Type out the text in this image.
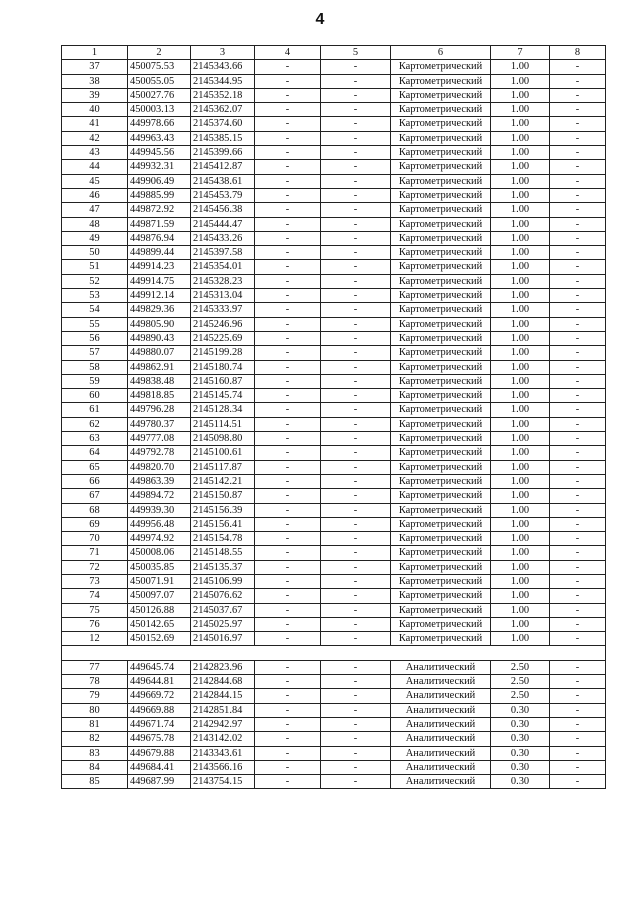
4
1	2	3	4	5	6	7	8
37	450075.53	2145343.66	-	-	Картометрический	1.00	-
38	450055.05	2145344.95	-	-	Картометрический	1.00	-
39	450027.76	2145352.18	-	-	Картометрический	1.00	-
40	450003.13	2145362.07	-	-	Картометрический	1.00	-
41	449978.66	2145374.60	-	-	Картометрический	1.00	-
42	449963.43	2145385.15	-	-	Картометрический	1.00	-
43	449945.56	2145399.66	-	-	Картометрический	1.00	-
44	449932.31	2145412.87	-	-	Картометрический	1.00	-
45	449906.49	2145438.61	-	-	Картометрический	1.00	-
46	449885.99	2145453.79	-	-	Картометрический	1.00	-
47	449872.92	2145456.38	-	-	Картометрический	1.00	-
48	449871.59	2145444.47	-	-	Картометрический	1.00	-
49	449876.94	2145433.26	-	-	Картометрический	1.00	-
50	449899.44	2145397.58	-	-	Картометрический	1.00	-
51	449914.23	2145354.01	-	-	Картометрический	1.00	-
52	449914.75	2145328.23	-	-	Картометрический	1.00	-
53	449912.14	2145313.04	-	-	Картометрический	1.00	-
54	449829.36	2145333.97	-	-	Картометрический	1.00	-
55	449805.90	2145246.96	-	-	Картометрический	1.00	-
56	449890.43	2145225.69	-	-	Картометрический	1.00	-
57	449880.07	2145199.28	-	-	Картометрический	1.00	-
58	449862.91	2145180.74	-	-	Картометрический	1.00	-
59	449838.48	2145160.87	-	-	Картометрический	1.00	-
60	449818.85	2145145.74	-	-	Картометрический	1.00	-
61	449796.28	2145128.34	-	-	Картометрический	1.00	-
62	449780.37	2145114.51	-	-	Картометрический	1.00	-
63	449777.08	2145098.80	-	-	Картометрический	1.00	-
64	449792.78	2145100.61	-	-	Картометрический	1.00	-
65	449820.70	2145117.87	-	-	Картометрический	1.00	-
66	449863.39	2145142.21	-	-	Картометрический	1.00	-
67	449894.72	2145150.87	-	-	Картометрический	1.00	-
68	449939.30	2145156.39	-	-	Картометрический	1.00	-
69	449956.48	2145156.41	-	-	Картометрический	1.00	-
70	449974.92	2145154.78	-	-	Картометрический	1.00	-
71	450008.06	2145148.55	-	-	Картометрический	1.00	-
72	450035.85	2145135.37	-	-	Картометрический	1.00	-
73	450071.91	2145106.99	-	-	Картометрический	1.00	-
74	450097.07	2145076.62	-	-	Картометрический	1.00	-
75	450126.88	2145037.67	-	-	Картометрический	1.00	-
76	450142.65	2145025.97	-	-	Картометрический	1.00	-
12	450152.69	2145016.97	-	-	Картометрический	1.00	-

77	449645.74	2142823.96	-	-	Аналитический	2.50	-
78	449644.81	2142844.68	-	-	Аналитический	2.50	-
79	449669.72	2142844.15	-	-	Аналитический	2.50	-
80	449669.88	2142851.84	-	-	Аналитический	0.30	-
81	449671.74	2142942.97	-	-	Аналитический	0.30	-
82	449675.78	2143142.02	-	-	Аналитический	0.30	-
83	449679.88	2143343.61	-	-	Аналитический	0.30	-
84	449684.41	2143566.16	-	-	Аналитический	0.30	-
85	449687.99	2143754.15	-	-	Аналитический	0.30	-
